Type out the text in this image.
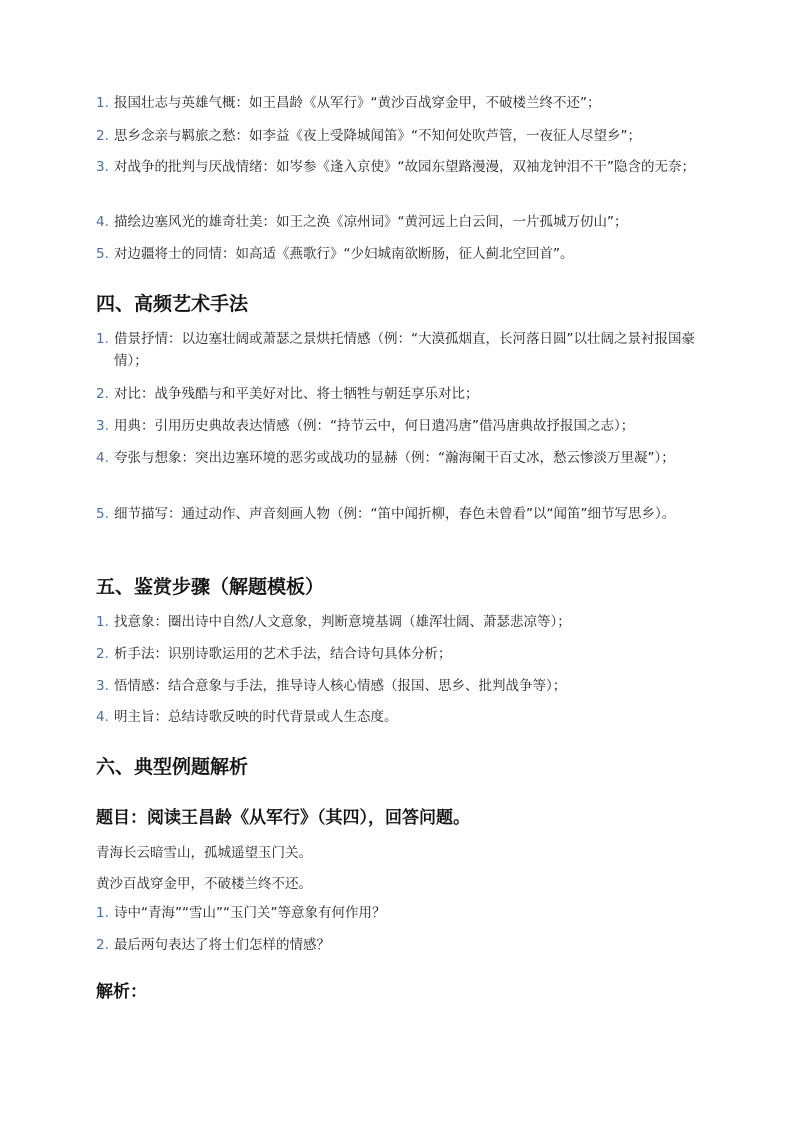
1. 报国壮志与英雄气概：如王昌龄《从军行》“黄沙百战穿金甲，不破楼兰终不还”；
2. 思乡念亲与羁旅之愁：如李益《夜上受降城闻笛》“不知何处吹芦管，一夜征人尽望乡”；
3. 对战争的批判与厌战情绪：如岑参《逢入京使》“故园东望路漫漫，双袖龙钟泪不干”隐含的无奈；
4. 描绘边塞风光的雄奇壮美：如王之涣《凉州词》“黄河远上白云间，一片孤城万仞山”；
5. 对边疆将士的同情：如高适《燕歌行》“少妇城南欲断肠，征人蓟北空回首”。
四、高频艺术手法
1. 借景抒情：以边塞壮阔或萧瑟之景烘托情感（例：“大漠孤烟直，长河落日圆”以壮阔之景衬报国豪情）；
2. 对比：战争残酷与和平美好对比、将士牺牲与朝廷享乐对比；
3. 用典：引用历史典故表达情感（例：“持节云中，何日遣冯唐”借冯唐典故抒报国之志）；
4. 夸张与想象：突出边塞环境的恶劣或战功的显赫（例：“瀚海阑干百丈冰，愁云惨淡万里凝”）；
5. 细节描写：通过动作、声音刻画人物（例：“笛中闻折柳，春色未曾看”以“闻笛”细节写思乡）。
五、鉴赏步骤（解题模板）
1. 找意象：圈出诗中自然/人文意象，判断意境基调（雄浑壮阔、萧瑟悲凉等）；
2. 析手法：识别诗歌运用的艺术手法，结合诗句具体分析；
3. 悟情感：结合意象与手法，推导诗人核心情感（报国、思乡、批判战争等）；
4. 明主旨：总结诗歌反映的时代背景或人生态度。
六、典型例题解析
题目：阅读王昌龄《从军行》（其四），回答问题。

青海长云暗雪山，孤城遥望玉门关。

黄沙百战穿金甲，不破楼兰终不还。

1. 诗中“青海”“雪山”“玉门关”等意象有何作用？
2. 最后两句表达了将士们怎样的情感？
解析：
